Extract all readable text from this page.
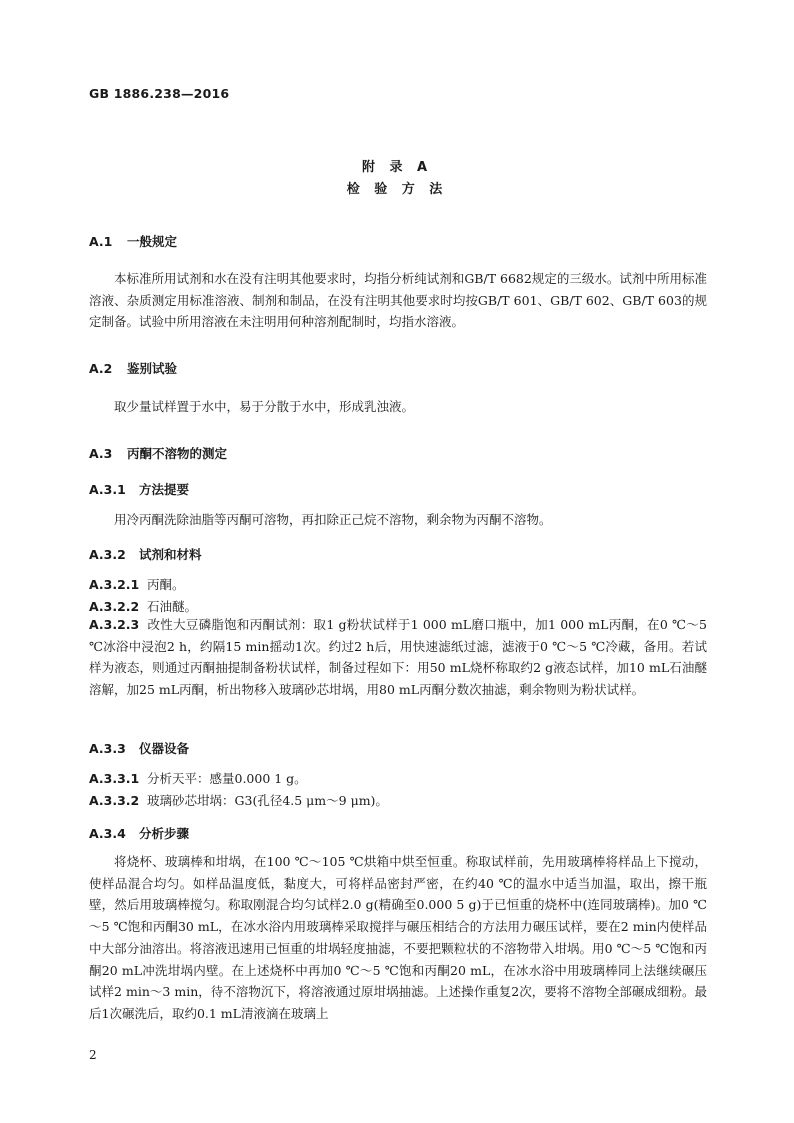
GB 1886.238—2016
附 录 A
检 验 方 法
A.1 一般规定
本标准所用试剂和水在没有注明其他要求时，均指分析纯试剂和GB/T 6682规定的三级水。试剂中所用标准溶液、杂质测定用标准溶液、制剂和制品，在没有注明其他要求时均按GB/T 601、GB/T 602、GB/T 603的规定制备。试验中所用溶液在未注明用何种溶剂配制时，均指水溶液。
A.2 鉴别试验
取少量试样置于水中，易于分散于水中，形成乳浊液。
A.3 丙酮不溶物的测定
A.3.1 方法提要
用冷丙酮洗除油脂等丙酮可溶物，再扣除正己烷不溶物，剩余物为丙酮不溶物。
A.3.2 试剂和材料
A.3.2.1 丙酮。
A.3.2.2 石油醚。
A.3.2.3 改性大豆磷脂饱和丙酮试剂：取1 g粉状试样于1 000 mL磨口瓶中，加1 000 mL丙酮，在0 ℃～5 ℃冰浴中浸泡2 h，约隔15 min摇动1次。约过2 h后，用快速滤纸过滤，滤液于0 ℃～5 ℃冷藏，备用。若试样为液态，则通过丙酮抽提制备粉状试样，制备过程如下：用50 mL烧杯称取约2 g液态试样，加10 mL石油醚溶解，加25 mL丙酮，析出物移入玻璃砂芯坩埚，用80 mL丙酮分数次抽滤，剩余物则为粉状试样。
A.3.3 仪器设备
A.3.3.1 分析天平：感量0.000 1 g。
A.3.3.2 玻璃砂芯坩埚：G3(孔径4.5 μm～9 μm)。
A.3.4 分析步骤
将烧杯、玻璃棒和坩埚，在100 ℃～105 ℃烘箱中烘至恒重。称取试样前，先用玻璃棒将样品上下搅动，使样品混合均匀。如样品温度低，黏度大，可将样品密封严密，在约40 ℃的温水中适当加温，取出，擦干瓶壁，然后用玻璃棒搅匀。称取刚混合均匀试样2.0 g(精确至0.000 5 g)于已恒重的烧杯中(连同玻璃棒)。加0 ℃～5 ℃饱和丙酮30 mL，在冰水浴内用玻璃棒采取搅拌与碾压相结合的方法用力碾压试样，要在2 min内使样品中大部分油溶出。将溶液迅速用已恒重的坩埚轻度抽滤，不要把颗粒状的不溶物带入坩埚。用0 ℃～5 ℃饱和丙酮20 mL冲洗坩埚内壁。在上述烧杯中再加0 ℃～5 ℃饱和丙酮20 mL，在冰水浴中用玻璃棒同上法继续碾压试样2 min～3 min，待不溶物沉下，将溶液通过原坩埚抽滤。上述操作重复2次，要将不溶物全部碾成细粉。最后1次碾洗后，取约0.1 mL清液滴在玻璃上
2
